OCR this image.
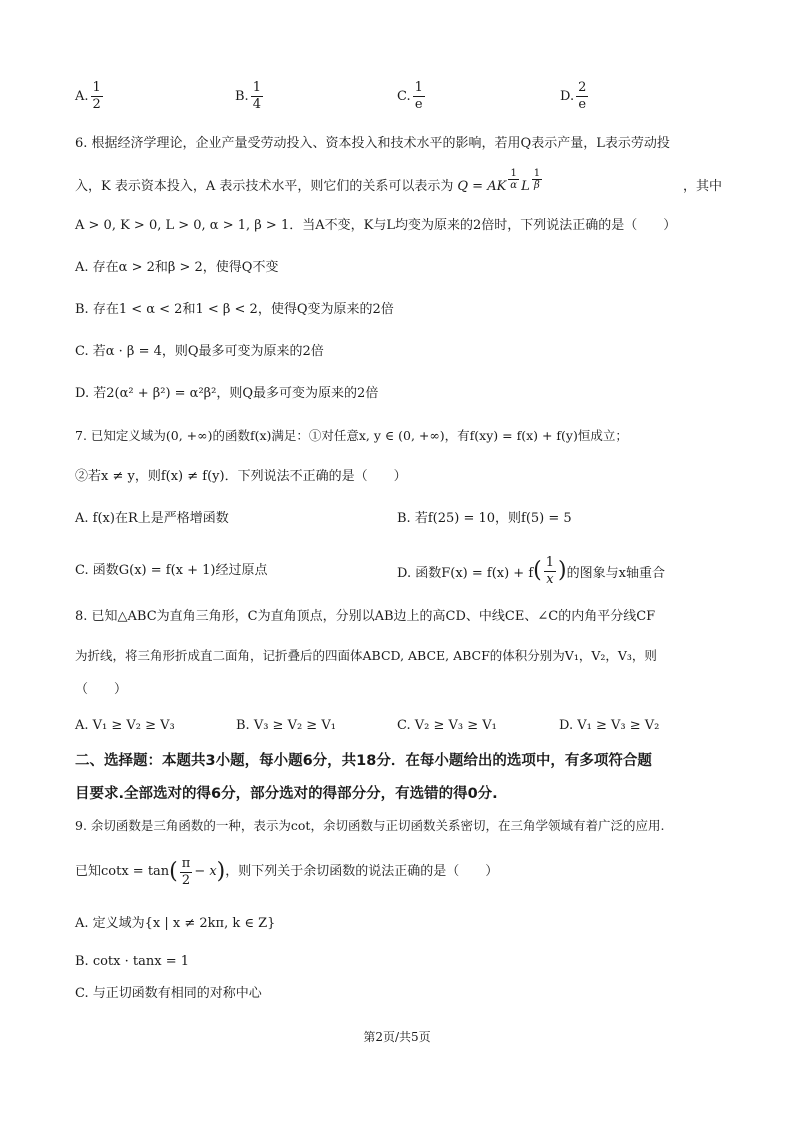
A. $\frac{1}{2}$	B. $\frac{1}{4}$	C. $\frac{1}{e}$	D. $\frac{2}{e}$
6. 根据经济学理论，企业产量受劳动投入、资本投入和技术水平的影响，若用Q表示产量，L表示劳动投
入，K 表示资本投入，A 表示技术水平，则它们的关系可以表示为 Q = AK $\frac{1}{\alpha}$ L $\frac{1}{\beta}$	，其中
A > 0, K > 0, L > 0, α > 1, β > 1．当A不变，K与L均变为原来的2倍时，下列说法正确的是（　　）
A. 存在α > 2和β > 2，使得Q不变
B. 存在1 < α < 2和1 < β < 2，使得Q变为原来的2倍
C. 若α · β = 4，则Q最多可变为原来的2倍
D. 若2(α² + β²) = α²β²，则Q最多可变为原来的2倍
7. 已知定义域为(0, +∞)的函数f(x)满足：①对任意x, y ∈ (0, +∞)，有f(xy) = f(x) + f(y)恒成立；
②若x ≠ y，则f(x) ≠ f(y)．下列说法不正确的是（　　）
A. f(x)在R上是严格增函数	B. 若f(25) = 10，则f(5) = 5
C. 函数G(x) = f(x + 1)经过原点	D. 函数F(x) = f(x) + f ( $\frac{1}{x}$ ) 的图象与x轴重合
8. 已知△ABC为直角三角形，C为直角顶点，分别以AB边上的高CD、中线CE、∠C的内角平分线CF
为折线，将三角形折成直二面角，记折叠后的四面体ABCD, ABCE, ABCF的体积分别为V₁，V₂，V₃，则
（　　）
A. V₁ ≥ V₂ ≥ V₃	B. V₃ ≥ V₂ ≥ V₁	C. V₂ ≥ V₃ ≥ V₁	D. V₁ ≥ V₃ ≥ V₂
二、选择题：本题共3小题，每小题6分，共18分．在每小题给出的选项中，有多项符合题
目要求.全部选对的得6分，部分选对的得部分分，有选错的得0分.
9. 余切函数是三角函数的一种，表示为cot，余切函数与正切函数关系密切，在三角学领域有着广泛的应用.
已知cotx = tan ( $\frac{\pi}{2} - x$ ) ，则下列关于余切函数的说法正确的是（　　）
A. 定义域为{x | x ≠ 2kπ, k ∈ Z}
B. cotx · tanx = 1
C. 与正切函数有相同的对称中心
第2页/共5页
